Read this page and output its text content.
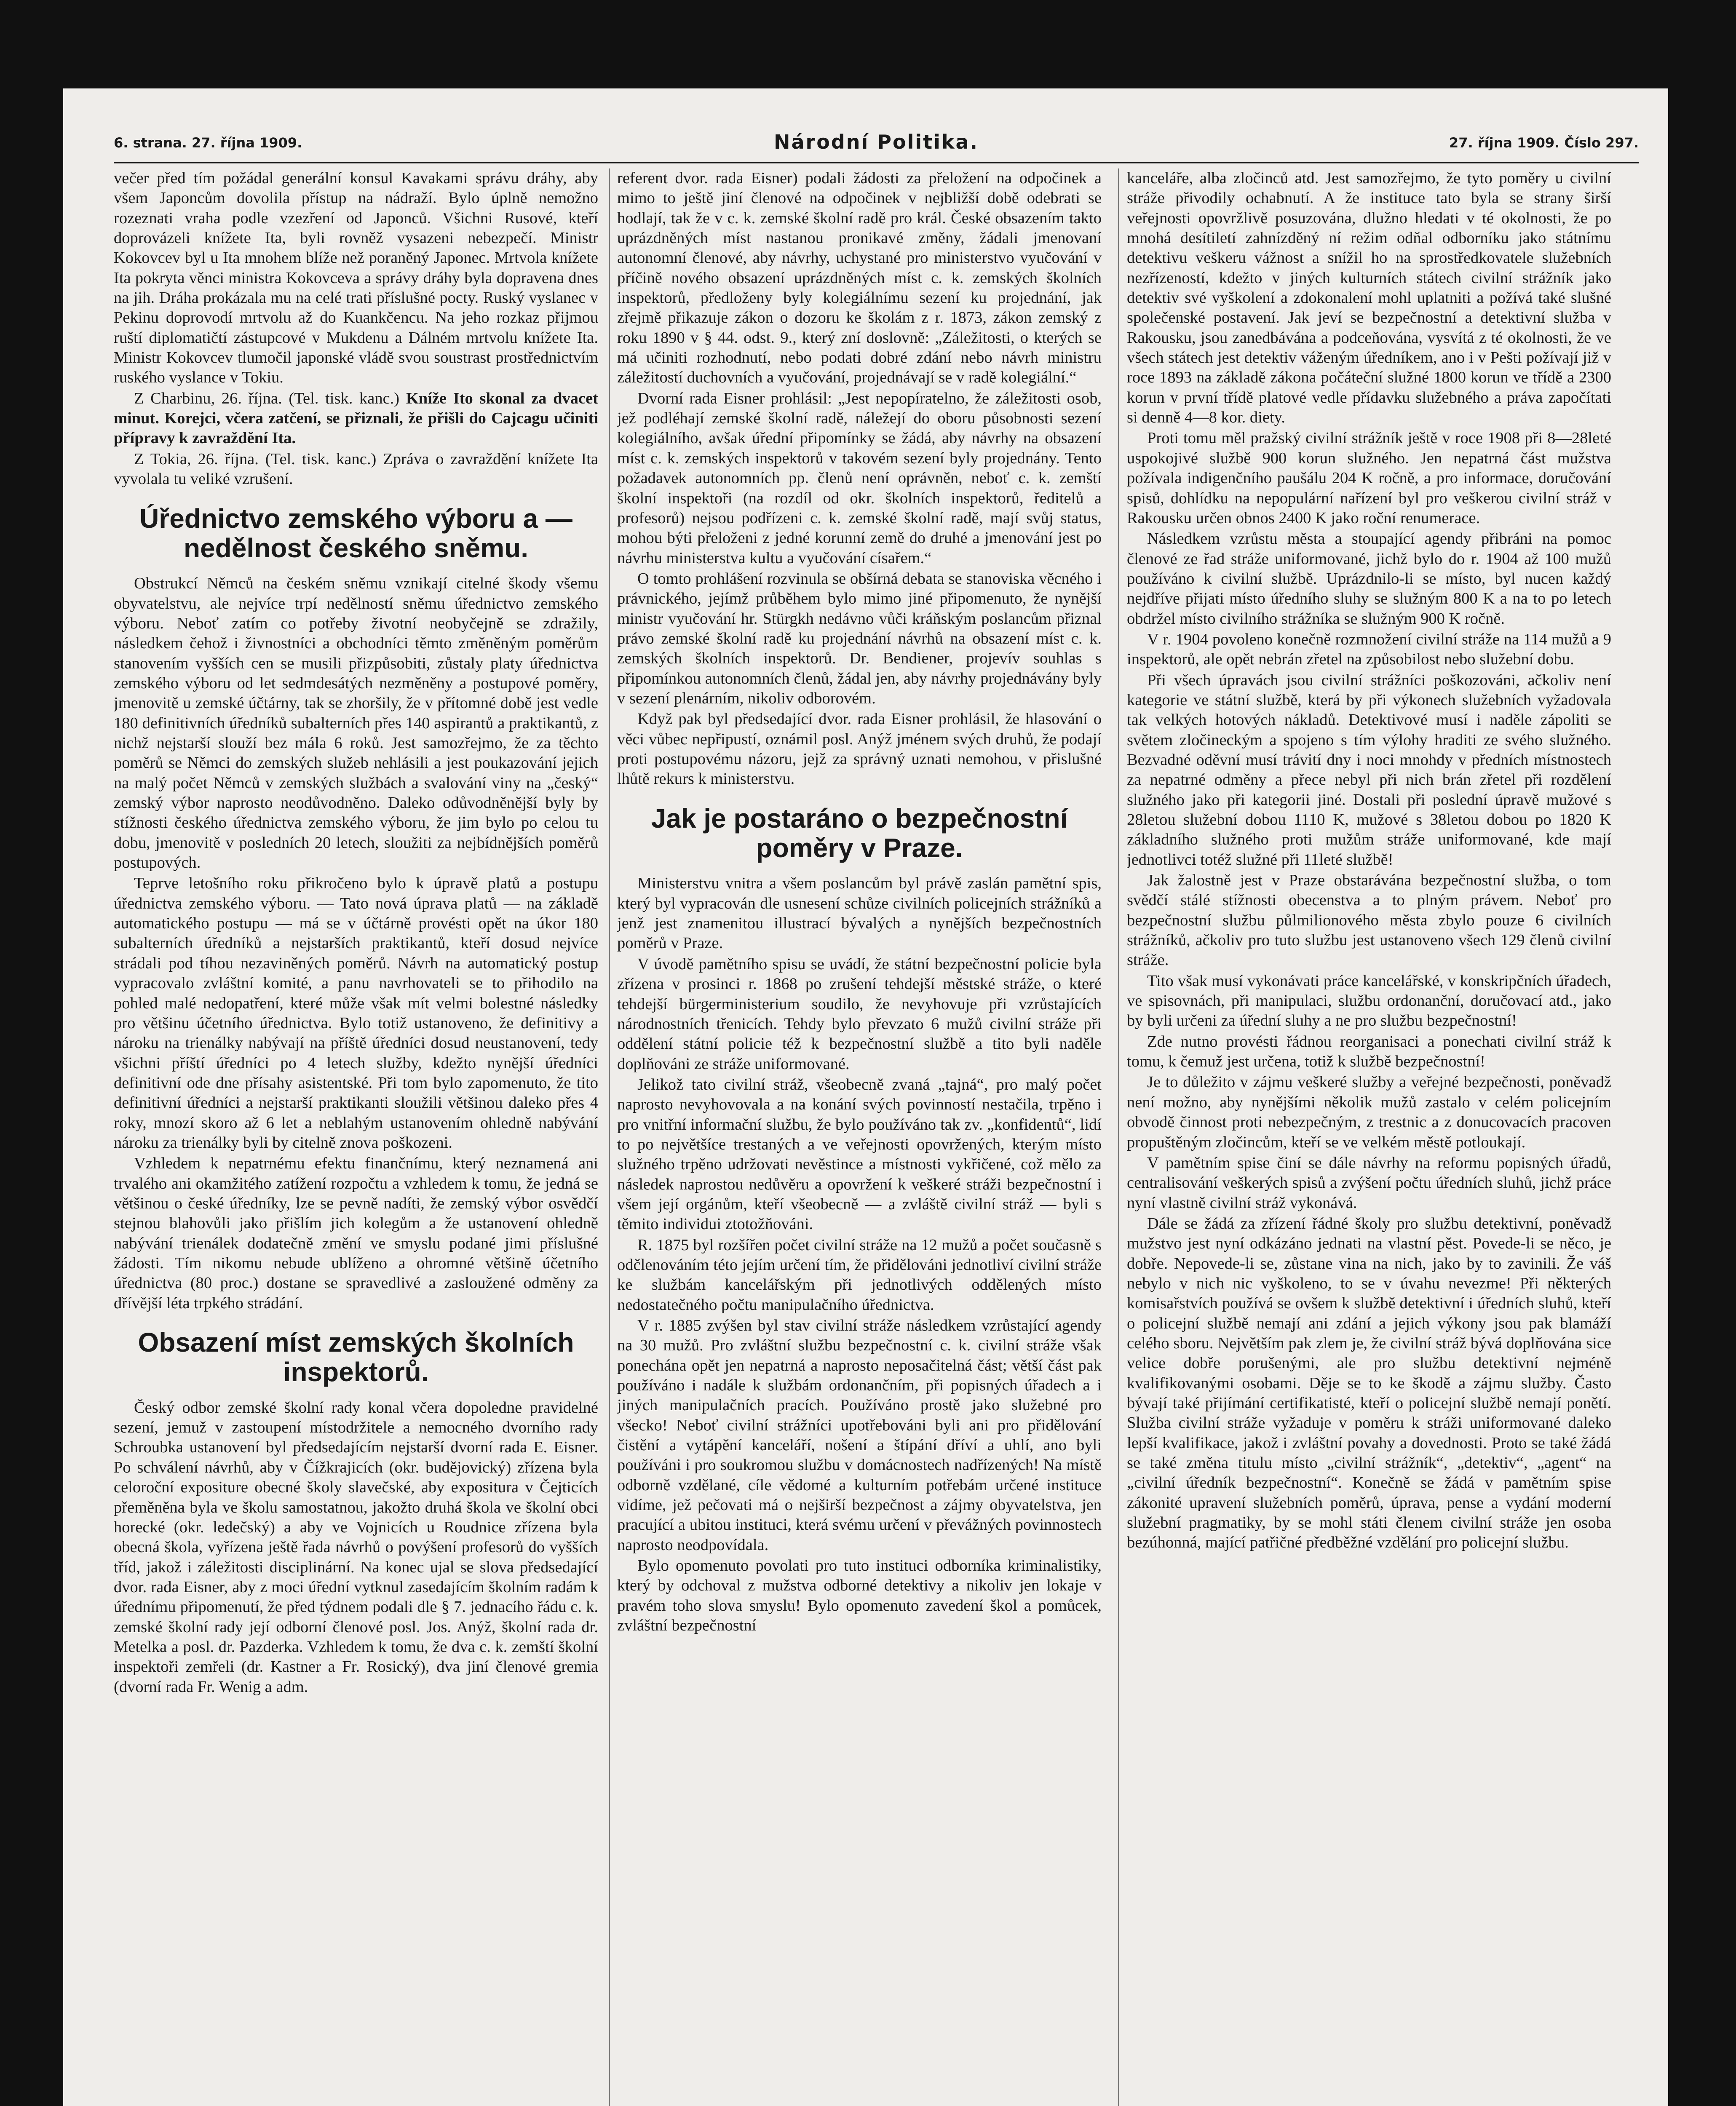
6. strana. 27. října 1909.	Národní Politika.	27. října 1909. Číslo 297.

večer před tím požádal generální konsul Kavakami správu dráhy, aby všem Japoncům dovolila přístup na nádraží. Bylo úplně nemožno rozeznati vraha podle vzezření od Japonců. Všichni Rusové, kteří doprovázeli knížete Ita, byli rovněž vysazeni nebezpečí. Ministr Kokovcev byl u Ita mnohem blíže než poraněný Japonec. Mrtvola knížete Ita pokryta věnci ministra Kokovceva a správy dráhy byla dopravena dnes na jih. Dráha prokázala mu na celé trati příslušné pocty. Ruský vyslanec v Pekinu doprovodí mrtvolu až do Kuankčencu. Na jeho rozkaz přijmou ruští diplomatičtí zástupcové v Mukdenu a Dálném mrtvolu knížete Ita. Ministr Kokovcev tlumočil japonské vládě svou soustrast prostřednictvím ruského vyslance v Tokiu.

Z Charbinu, 26. října. (Tel. tisk. kanc.) Kníže Ito skonal za dvacet minut. Korejci, včera zatčení, se přiznali, že přišli do Cajcagu učiniti přípravy k zavraždění Ita.

Z Tokia, 26. října. (Tel. tisk. kanc.) Zpráva o zavraždění knížete Ita vyvolala tu veliké vzrušení.

Úřednictvo zemského výboru a — nedělnost českého sněmu.

Obstrukcí Němců na českém sněmu vznikají citelné škody všemu obyvatelstvu, ale nejvíce trpí nedělností sněmu úřednictvo zemského výboru. Neboť zatím co potřeby životní neobyčejně se zdražily, následkem čehož i živnostníci a obchodníci těmto změněným poměrům stanovením vyšších cen se musili přizpůsobiti, zůstaly platy úřednictva zemského výboru od let sedmdesátých nezměněny a postupové poměry, jmenovitě u zemské účtárny, tak se zhoršily, že v přítomné době jest vedle 180 definitivních úředníků subalterních přes 140 aspirantů a praktikantů, z nichž nejstarší slouží bez mála 6 roků. Jest samozřejmo, že za těchto poměrů se Němci do zemských služeb nehlásili a jest poukazování jejich na malý počet Němců v zemských službách a svalování viny na „český“ zemský výbor naprosto neodůvodněno. Daleko odůvodněnější byly by stížnosti českého úřednictva zemského výboru, že jim bylo po celou tu dobu, jmenovitě v posledních 20 letech, sloužiti za nejbídnějších poměrů postupových.

Teprve letošního roku přikročeno bylo k úpravě platů a postupu úřednictva zemského výboru. — Tato nová úprava platů — na základě automatického postupu — má se v účtárně provésti opět na úkor 180 subalterních úředníků a nejstarších praktikantů, kteří dosud nejvíce strádali pod tíhou nezaviněných poměrů. Návrh na automatický postup vypracovalo zvláštní komité, a panu navrhovateli se to přihodilo na pohled malé nedopatření, které může však mít velmi bolestné následky pro většinu účetního úřednictva. Bylo totiž ustanoveno, že definitivy a nároku na trienálky nabývají na příště úředníci dosud neustanovení, tedy všichni příští úředníci po 4 letech služby, kdežto nynější úředníci definitivní ode dne přísahy asistentské. Při tom bylo zapomenuto, že tito definitivní úředníci a nejstarší praktikanti sloužili většinou daleko přes 4 roky, mnozí skoro až 6 let a neblahým ustanovením ohledně nabývání nároku za trienálky byli by citelně znova poškozeni.

Vzhledem k nepatrnému efektu finančnímu, který neznamená ani trvalého ani okamžitého zatížení rozpočtu a vzhledem k tomu, že jedná se většinou o české úředníky, lze se pevně nadíti, že zemský výbor osvědčí stejnou blahovůli jako přišlím jich kolegům a že ustanovení ohledně nabývání trienálek dodatečně změní ve smyslu podané jimi příslušné žádosti. Tím nikomu nebude ublíženo a ohromné většině účetního úřednictva (80 proc.) dostane se spravedlivé a zasloužené odměny za dřívější léta trpkého strádání.

Obsazení míst zemských školních inspektorů.

Český odbor zemské školní rady konal včera dopoledne pravidelné sezení, jemuž v zastoupení místodržitele a nemocného dvorního rady Schroubka ustanovení byl předsedajícím nejstarší dvorní rada E. Eisner. Po schválení návrhů, aby v Čížkrajicích (okr. budějovický) zřízena byla celoroční expositure obecné školy slavečské, aby expositura v Čejticích přeměněna byla ve školu samostatnou, jakožto druhá škola ve školní obci horecké (okr. ledečský) a aby ve Vojnicích u Roudnice zřízena byla obecná škola, vyřízena ještě řada návrhů o povýšení profesorů do vyšších tříd, jakož i záležitosti disciplinární. Na konec ujal se slova předsedající dvor. rada Eisner, aby z moci úřední vytknul zasedajícím školním radám k úřednímu připomenutí, že před týdnem podali dle § 7. jednacího řádu c. k. zemské školní rady její odborní členové posl. Jos. Anýž, školní rada dr. Metelka a posl. dr. Pazderka. Vzhledem k tomu, že dva c. k. zemští školní inspektoři zemřeli (dr. Kastner a Fr. Rosický), dva jiní členové gremia (dvorní rada Fr. Wenig a adm.

referent dvor. rada Eisner) podali žádosti za přeložení na odpočinek a mimo to ještě jiní členové na odpočinek v nejbližší době odebrati se hodlají, tak že v c. k. zemské školní radě pro král. České obsazením takto uprázdněných míst nastanou pronikavé změny, žádali jmenovaní autonomní členové, aby návrhy, uchystané pro ministerstvo vyučování v příčině nového obsazení uprázdněných míst c. k. zemských školních inspektorů, předloženy byly kolegiálnímu sezení ku projednání, jak zřejmě přikazuje zákon o dozoru ke školám z r. 1873, zákon zemský z roku 1890 v § 44. odst. 9., který zní doslovně: „Záležitosti, o kterých se má učiniti rozhodnutí, nebo podati dobré zdání nebo návrh ministru záležitostí duchovních a vyučování, projednávají se v radě kolegiální.“

Dvorní rada Eisner prohlásil: „Jest nepopíratelno, že záležitosti osob, jež podléhají zemské školní radě, náležejí do oboru působnosti sezení kolegiálního, avšak úřední připomínky se žádá, aby návrhy na obsazení míst c. k. zemských inspektorů v takovém sezení byly projednány. Tento požadavek autonomních pp. členů není oprávněn, neboť c. k. zemští školní inspektoři (na rozdíl od okr. školních inspektorů, ředitelů a profesorů) nejsou podřízeni c. k. zemské školní radě, mají svůj status, mohou býti přeloženi z jedné korunní země do druhé a jmenování jest po návrhu ministerstva kultu a vyučování císařem.“

O tomto prohlášení rozvinula se obšírná debata se stanoviska věcného i právnického, jejímž průběhem bylo mimo jiné připomenuto, že nynější ministr vyučování hr. Stürgkh nedávno vůči kráňským poslancům přiznal právo zemské školní radě ku projednání návrhů na obsazení míst c. k. zemských školních inspektorů. Dr. Bendiener, projevív souhlas s připomínkou autonomních členů, žádal jen, aby návrhy projednávány byly v sezení plenárním, nikoliv odborovém.

Když pak byl předsedající dvor. rada Eisner prohlásil, že hlasování o věci vůbec nepřipustí, oznámil posl. Anýž jménem svých druhů, že podají proti postupovému názoru, jejž za správný uznati nemohou, v přislušné lhůtě rekurs k ministerstvu.

Jak je postaráno o bezpečnostní poměry v Praze.

Ministerstvu vnitra a všem poslancům byl právě zaslán pamětní spis, který byl vypracován dle usnesení schůze civilních policejních strážníků a jenž jest znamenitou illustrací bývalých a nynějších bezpečnostních poměrů v Praze.

V úvodě pamětního spisu se uvádí, že státní bezpečnostní policie byla zřízena v prosinci r. 1868 po zrušení tehdejší městské stráže, o které tehdejší bürgerministerium soudilo, že nevyhovuje při vzrůstajících národnostních třenicích. Tehdy bylo převzato 6 mužů civilní stráže při oddělení státní policie též k bezpečnostní službě a tito byli naděle doplňováni ze stráže uniformované.

Jelikož tato civilní stráž, všeobecně zvaná „tajná“, pro malý počet naprosto nevyhovovala a na konání svých povinností nestačila, trpěno i pro vnitřní informační službu, že bylo používáno tak zv. „konfidentů“, lidí to po největšíce trestaných a ve veřejnosti opovržených, kterým místo služného trpěno udržovati nevěstince a místnosti vykřičené, což mělo za následek naprostou nedůvěru a opovržení k veškeré stráži bezpečnostní i všem její orgánům, kteří všeobecně — a zvláště civilní stráž — byli s těmito individui ztotožňováni.

R. 1875 byl rozšířen počet civilní stráže na 12 mužů a počet současně s odčlenováním této jejím určení tím, že přidělováni jednotliví civilní stráže ke službám kancelářským při jednotlivých oddělených místo nedostatečného počtu manipulačního úřednictva.

V r. 1885 zvýšen byl stav civilní stráže následkem vzrůstající agendy na 30 mužů. Pro zvláštní službu bezpečnostní c. k. civilní stráže však ponechána opět jen nepatrná a naprosto neposačitelná část; větší část pak používáno i nadále k službám ordonančním, při popisných úřadech a i jiných manipulačních pracích. Používáno prostě jako služebné pro všecko! Neboť civilní strážníci upotřebováni byli ani pro přidělování čistění a vytápění kanceláří, nošení a štípání dříví a uhlí, ano byli používáni i pro soukromou službu v domácnostech nadřízených! Na místě odborně vzdělané, cíle vědomé a kulturním potřebám určené instituce vidíme, jež pečovati má o nejširší bezpečnost a zájmy obyvatelstva, jen pracující a ubitou instituci, která svému určení v převážných povinnostech naprosto neodpovídala.

Bylo opomenuto povolati pro tuto instituci odborníka kriminalistiky, který by odchoval z mužstva odborné detektivy a nikoliv jen lokaje v pravém toho slova smyslu! Bylo opomenuto zavedení škol a pomůcek, zvláštní bezpečnostní

kanceláře, alba zločinců atd. Jest samozřejmo, že tyto poměry u civilní stráže přivodily ochabnutí. A že instituce tato byla se strany širší veřejnosti opovržlivě posuzována, dlužno hledati v té okolnosti, že po mnohá desítiletí zahnízděný ní režim odňal odborníku jako státnímu detektivu veškeru vážnost a snížil ho na sprostředkovatele služebních nezřízeností, kdežto v jiných kulturních státech civilní strážník jako detektiv své vyškolení a zdokonalení mohl uplatniti a požívá také slušné společenské postavení. Jak jeví se bezpečnostní a detektivní služba v Rakousku, jsou zanedbávána a podceňována, vysvítá z té okolnosti, že ve všech státech jest detektiv váženým úředníkem, ano i v Pešti požívají již v roce 1893 na základě zákona počáteční služné 1800 korun ve třídě a 2300 korun v první třídě platové vedle přídavku služebného a práva započítati si denně 4—8 kor. diety.

Proti tomu měl pražský civilní strážník ještě v roce 1908 při 8—28leté uspokojivé službě 900 korun služného. Jen nepatrná část mužstva požívala indigenčního paušálu 204 K ročně, a pro informace, doručování spisů, dohlídku na nepopulární nařízení byl pro veškerou civilní stráž v Rakousku určen obnos 2400 K jako roční renumerace.

Následkem vzrůstu města a stoupající agendy přibráni na pomoc členové ze řad stráže uniformované, jichž bylo do r. 1904 až 100 mužů používáno k civilní službě. Uprázdnilo-li se místo, byl nucen každý nejdříve přijati místo úředního sluhy se služným 800 K a na to po letech obdržel místo civilního strážníka se služným 900 K ročně.

V r. 1904 povoleno konečně rozmnožení civilní stráže na 114 mužů a 9 inspektorů, ale opět nebrán zřetel na způsobilost nebo služební dobu.

Při všech úpravách jsou civilní strážníci poškozováni, ačkoliv není kategorie ve státní službě, která by při výkonech služebních vyžadovala tak velkých hotových nákladů. Detektivové musí i naděle zápoliti se světem zločineckým a spojeno s tím výlohy hraditi ze svého služného. Bezvadné oděvní musí trávití dny i noci mnohdy v předních místnostech za nepatrné odměny a přece nebyl při nich brán zřetel při rozdělení služného jako při kategorii jiné. Dostali při poslední úpravě mužové s 28letou služební dobou 1110 K, mužové s 38letou dobou po 1820 K základního služného proti mužům stráže uniformované, kde mají jednotlivci totéž služné při 11leté službě!

Jak žalostně jest v Praze obstarávána bezpečnostní služba, o tom svědčí stálé stížnosti obecenstva a to plným právem. Neboť pro bezpečnostní službu půlmilionového města zbylo pouze 6 civilních strážníků, ačkoliv pro tuto službu jest ustanoveno všech 129 členů civilní stráže.

Tito však musí vykonávati práce kancelářské, v konskripčních úřadech, ve spisovnách, při manipulaci, službu ordonanční, doručovací atd., jako by byli určeni za úřední sluhy a ne pro službu bezpečnostní!

Zde nutno provésti řádnou reorganisaci a ponechati civilní stráž k tomu, k čemuž jest určena, totiž k službě bezpečnostní!

Je to důležito v zájmu veškeré služby a veřejné bezpečnosti, poněvadž není možno, aby nynějšími několik mužů zastalo v celém policejním obvodě činnost proti nebezpečným, z trestnic a z donucovacích pracoven propuštěným zločincům, kteří se ve velkém městě potloukají.

V pamětním spise činí se dále návrhy na reformu popisných úřadů, centralisování veškerých spisů a zvýšení počtu úředních sluhů, jichž práce nyní vlastně civilní stráž vykonává.

Dále se žádá za zřízení řádné školy pro službu detektivní, poněvadž mužstvo jest nyní odkázáno jednati na vlastní pěst. Povede-li se něco, je dobře. Nepovede-li se, zůstane vina na nich, jako by to zavinili. Že váš nebylo v nich nic vyškoleno, to se v úvahu nevezme! Při některých komisařstvích používá se ovšem k službě detektivní i úředních sluhů, kteří o policejní službě nemají ani zdání a jejich výkony jsou pak blamáží celého sboru. Největším pak zlem je, že civilní stráž bývá doplňována sice velice dobře porušenými, ale pro službu detektivní nejméně kvalifikovanými osobami. Děje se to ke škodě a zájmu služby. Často bývají také přijímání certifikatisté, kteří o policejní službě nemají ponětí. Služba civilní stráže vyžaduje v poměru k stráži uniformované daleko lepší kvalifikace, jakož i zvláštní povahy a dovednosti. Proto se také žádá se také změna titulu místo „civilní strážník“, „detektiv“, „agent“ na „civilní úředník bezpečnostní“. Konečně se žádá v pamětním spise zákonité upravení služebních poměrů, úprava, pense a vydání moderní služební pragmatiky, by se mohl státi členem civilní stráže jen osoba bezúhonná, mající patřičné předběžné vzdělání pro policejní službu.
